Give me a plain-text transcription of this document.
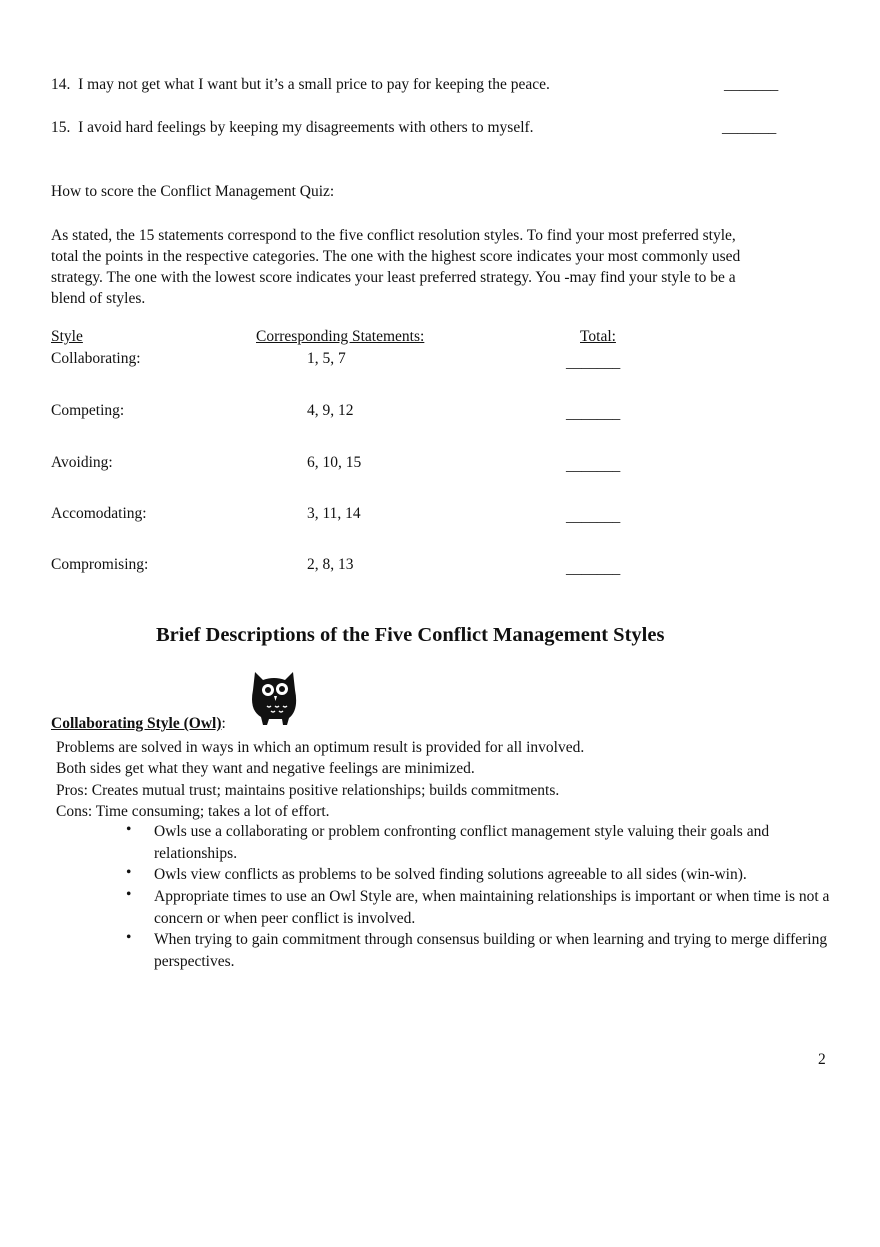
14. I may not get what I want but it’s a small price to pay for keeping the peace.	_______
15. I avoid hard feelings by keeping my disagreements with others to myself.	_______
How to score the Conflict Management Quiz:
As stated, the 15 statements correspond to the five conflict resolution styles. To find your most preferred style,
total the points in the respective categories. The one with the highest score indicates your most commonly used
strategy. The one with the lowest score indicates your least preferred strategy. You -may find your style to be a
blend of styles.
Style	Corresponding Statements:	Total:
Collaborating:	1, 5, 7	_______
Competing:	4, 9, 12	_______
Avoiding:	6, 10, 15	_______
Accomodating:	3, 11, 14	_______
Compromising:	2, 8, 13	_______
Brief Descriptions of the Five Conflict Management Styles
Collaborating Style (Owl):
Problems are solved in ways in which an optimum result is provided for all involved.
Both sides get what they want and negative feelings are minimized.
Pros: Creates mutual trust; maintains positive relationships; builds commitments.
Cons: Time consuming; takes a lot of effort.
• Owls use a collaborating or problem confronting conflict management style valuing their goals and relationships.
• Owls view conflicts as problems to be solved finding solutions agreeable to all sides (win-win).
• Appropriate times to use an Owl Style are, when maintaining relationships is important or when time is not a concern or when peer conflict is involved.
• When trying to gain commitment through consensus building or when learning and trying to merge differing perspectives.
2
